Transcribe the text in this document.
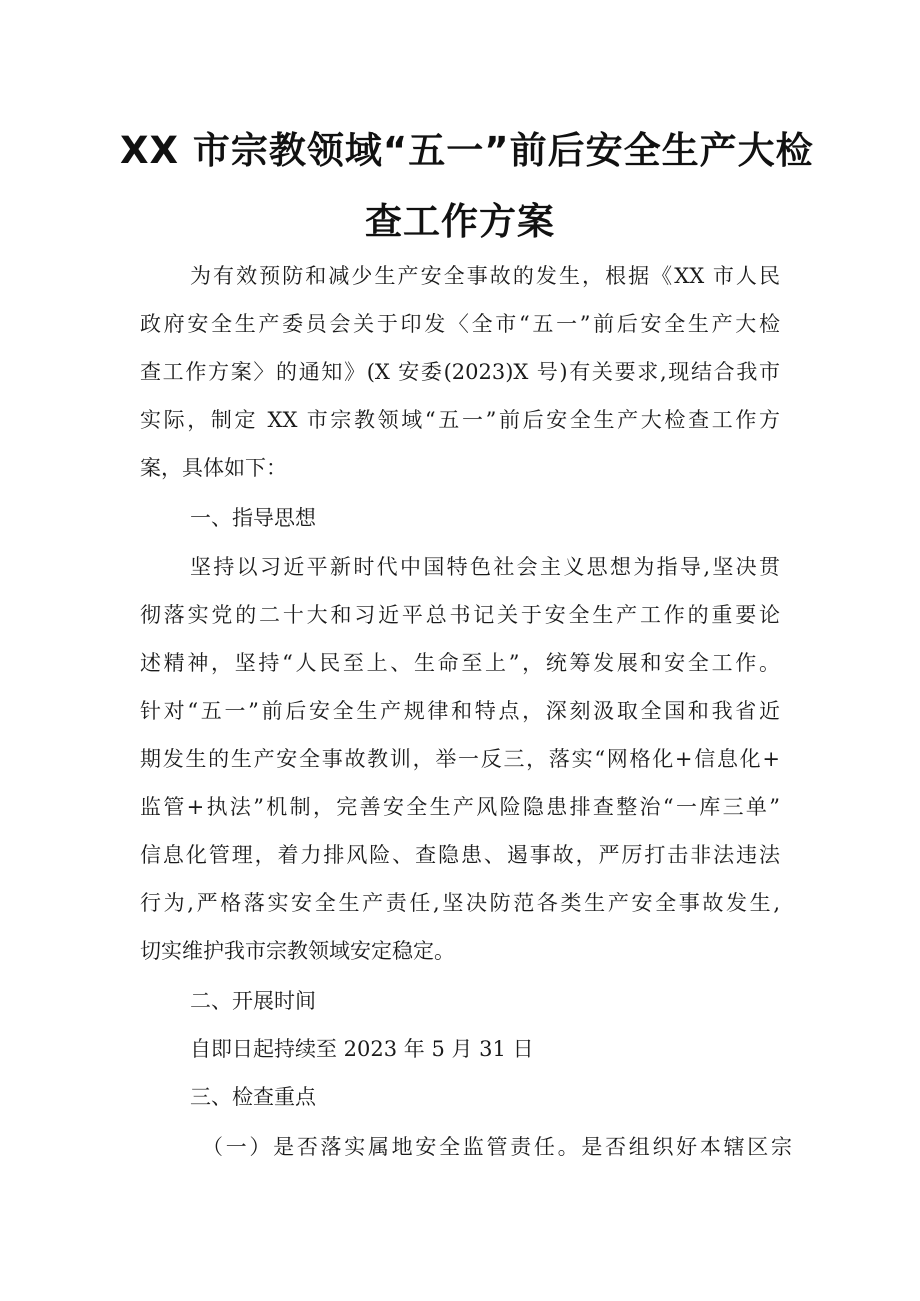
XX 市宗教领域“五一”前后安全生产大检
查工作方案
为有效预防和减少生产安全事故的发生，根据《XX 市人民
政府安全生产委员会关于印发〈全市“五一”前后安全生产大检
查工作方案〉的通知》(X 安委(2023)X 号)有关要求,现结合我市
实际，制定 XX 市宗教领域“五一”前后安全生产大检查工作方
案，具体如下：
一、指导思想
坚持以习近平新时代中国特色社会主义思想为指导,坚决贯
彻落实党的二十大和习近平总书记关于安全生产工作的重要论
述精神，坚持“人民至上、生命至上”，统筹发展和安全工作。
针对“五一”前后安全生产规律和特点，深刻汲取全国和我省近
期发生的生产安全事故教训，举一反三，落实“网格化+信息化+
监管+执法”机制，完善安全生产风险隐患排查整治“一库三单”
信息化管理，着力排风险、查隐患、遏事故，严厉打击非法违法
行为,严格落实安全生产责任,坚决防范各类生产安全事故发生,
切实维护我市宗教领域安定稳定。
二、开展时间
自即日起持续至 2023 年 5 月 31 日
三、检查重点
（一）是否落实属地安全监管责任。是否组织好本辖区宗
